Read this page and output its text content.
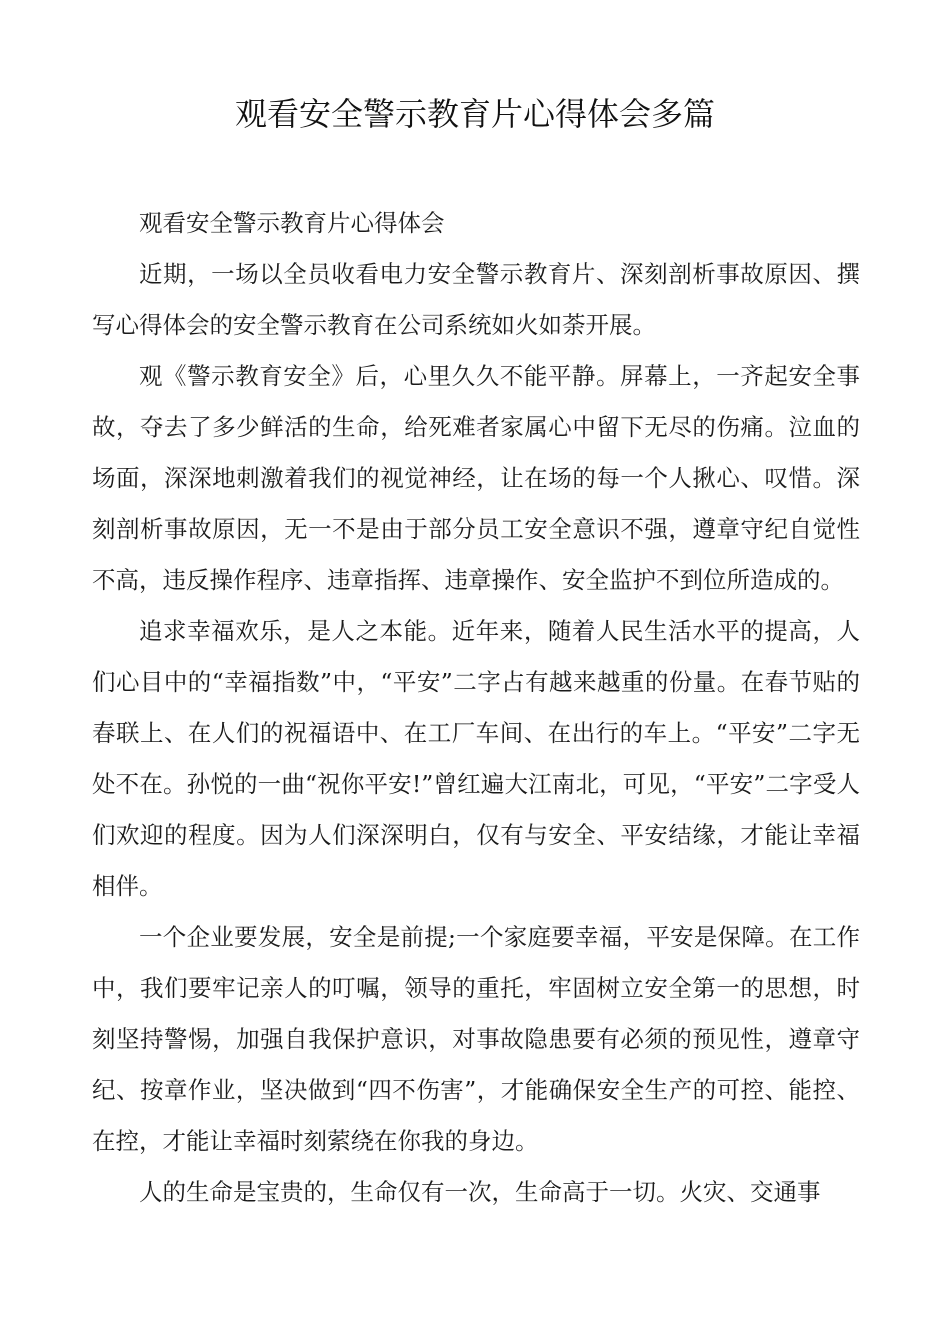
观看安全警示教育片心得体会多篇

观看安全警示教育片心得体会

近期，一场以全员收看电力安全警示教育片、深刻剖析事故原因、撰写心得体会的安全警示教育在公司系统如火如荼开展。

观《警示教育安全》后，心里久久不能平静。屏幕上，一齐起安全事故，夺去了多少鲜活的生命，给死难者家属心中留下无尽的伤痛。泣血的场面，深深地刺激着我们的视觉神经，让在场的每一个人揪心、叹惜。深刻剖析事故原因，无一不是由于部分员工安全意识不强，遵章守纪自觉性不高，违反操作程序、违章指挥、违章操作、安全监护不到位所造成的。

追求幸福欢乐，是人之本能。近年来，随着人民生活水平的提高，人们心目中的“幸福指数”中，“平安”二字占有越来越重的份量。在春节贴的春联上、在人们的祝福语中、在工厂车间、在出行的车上。“平安”二字无处不在。孙悦的一曲“祝你平安!”曾红遍大江南北，可见，“平安”二字受人们欢迎的程度。因为人们深深明白，仅有与安全、平安结缘，才能让幸福相伴。

一个企业要发展，安全是前提;一个家庭要幸福，平安是保障。在工作中，我们要牢记亲人的叮嘱，领导的重托，牢固树立安全第一的思想，时刻坚持警惕，加强自我保护意识，对事故隐患要有必须的预见性，遵章守纪、按章作业，坚决做到“四不伤害”，才能确保安全生产的可控、能控、在控，才能让幸福时刻萦绕在你我的身边。

人的生命是宝贵的，生命仅有一次，生命高于一切。火灾、交通事
